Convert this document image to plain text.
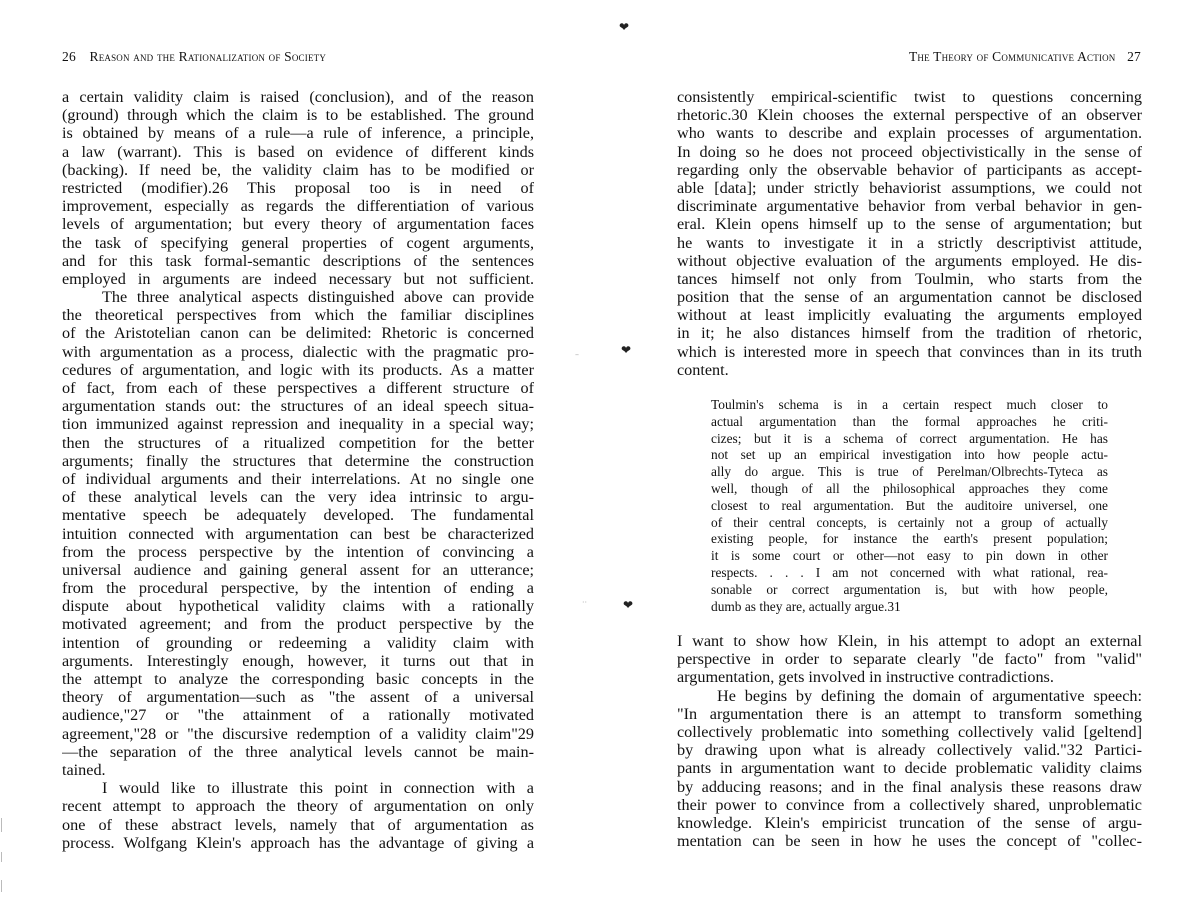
26 Reason and the Rationalization of Society	The Theory of Communicative Action 27
a certain validity claim is raised (conclusion), and of the reason
(ground) through which the claim is to be established. The ground
is obtained by means of a rule—a rule of inference, a principle,
a law (warrant). This is based on evidence of different kinds
(backing). If need be, the validity claim has to be modified or
restricted (modifier).26 This proposal too is in need of
improvement, especially as regards the differentiation of various
levels of argumentation; but every theory of argumentation faces
the task of specifying general properties of cogent arguments,
and for this task formal-semantic descriptions of the sentences
employed in arguments are indeed necessary but not sufficient.
The three analytical aspects distinguished above can provide
the theoretical perspectives from which the familiar disciplines
of the Aristotelian canon can be delimited: Rhetoric is concerned
with argumentation as a process, dialectic with the pragmatic pro-
cedures of argumentation, and logic with its products. As a matter
of fact, from each of these perspectives a different structure of
argumentation stands out: the structures of an ideal speech situa-
tion immunized against repression and inequality in a special way;
then the structures of a ritualized competition for the better
arguments; finally the structures that determine the construction
of individual arguments and their interrelations. At no single one
of these analytical levels can the very idea intrinsic to argu-
mentative speech be adequately developed. The fundamental
intuition connected with argumentation can best be characterized
from the process perspective by the intention of convincing a
universal audience and gaining general assent for an utterance;
from the procedural perspective, by the intention of ending a
dispute about hypothetical validity claims with a rationally
motivated agreement; and from the product perspective by the
intention of grounding or redeeming a validity claim with
arguments. Interestingly enough, however, it turns out that in
the attempt to analyze the corresponding basic concepts in the
theory of argumentation—such as "the assent of a universal
audience,"27 or "the attainment of a rationally motivated
agreement,"28 or "the discursive redemption of a validity claim"29
—the separation of the three analytical levels cannot be main-
tained.
I would like to illustrate this point in connection with a
recent attempt to approach the theory of argumentation on only
one of these abstract levels, namely that of argumentation as
process. Wolfgang Klein's approach has the advantage of giving a
consistently empirical-scientific twist to questions concerning
rhetoric.30 Klein chooses the external perspective of an observer
who wants to describe and explain processes of argumentation.
In doing so he does not proceed objectivistically in the sense of
regarding only the observable behavior of participants as accept-
able [data]; under strictly behaviorist assumptions, we could not
discriminate argumentative behavior from verbal behavior in gen-
eral. Klein opens himself up to the sense of argumentation; but
he wants to investigate it in a strictly descriptivist attitude,
without objective evaluation of the arguments employed. He dis-
tances himself not only from Toulmin, who starts from the
position that the sense of an argumentation cannot be disclosed
without at least implicitly evaluating the arguments employed
in it; he also distances himself from the tradition of rhetoric,
which is interested more in speech that convinces than in its truth
content.
Toulmin's schema is in a certain respect much closer to
actual argumentation than the formal approaches he criti-
cizes; but it is a schema of correct argumentation. He has
not set up an empirical investigation into how people actu-
ally do argue. This is true of Perelman/Olbrechts-Tyteca as
well, though of all the philosophical approaches they come
closest to real argumentation. But the auditoire universel, one
of their central concepts, is certainly not a group of actually
existing people, for instance the earth's present population;
it is some court or other—not easy to pin down in other
respects. . . . I am not concerned with what rational, rea-
sonable or correct argumentation is, but with how people,
dumb as they are, actually argue.31
I want to show how Klein, in his attempt to adopt an external
perspective in order to separate clearly "de facto" from "valid"
argumentation, gets involved in instructive contradictions.
He begins by defining the domain of argumentative speech:
"In argumentation there is an attempt to transform something
collectively problematic into something collectively valid [geltend]
by drawing upon what is already collectively valid."32 Partici-
pants in argumentation want to decide problematic validity claims
by adducing reasons; and in the final analysis these reasons draw
their power to convince from a collectively shared, unproblematic
knowledge. Klein's empiricist truncation of the sense of argu-
mentation can be seen in how he uses the concept of "collec-
❤
❤
❤
–
··
